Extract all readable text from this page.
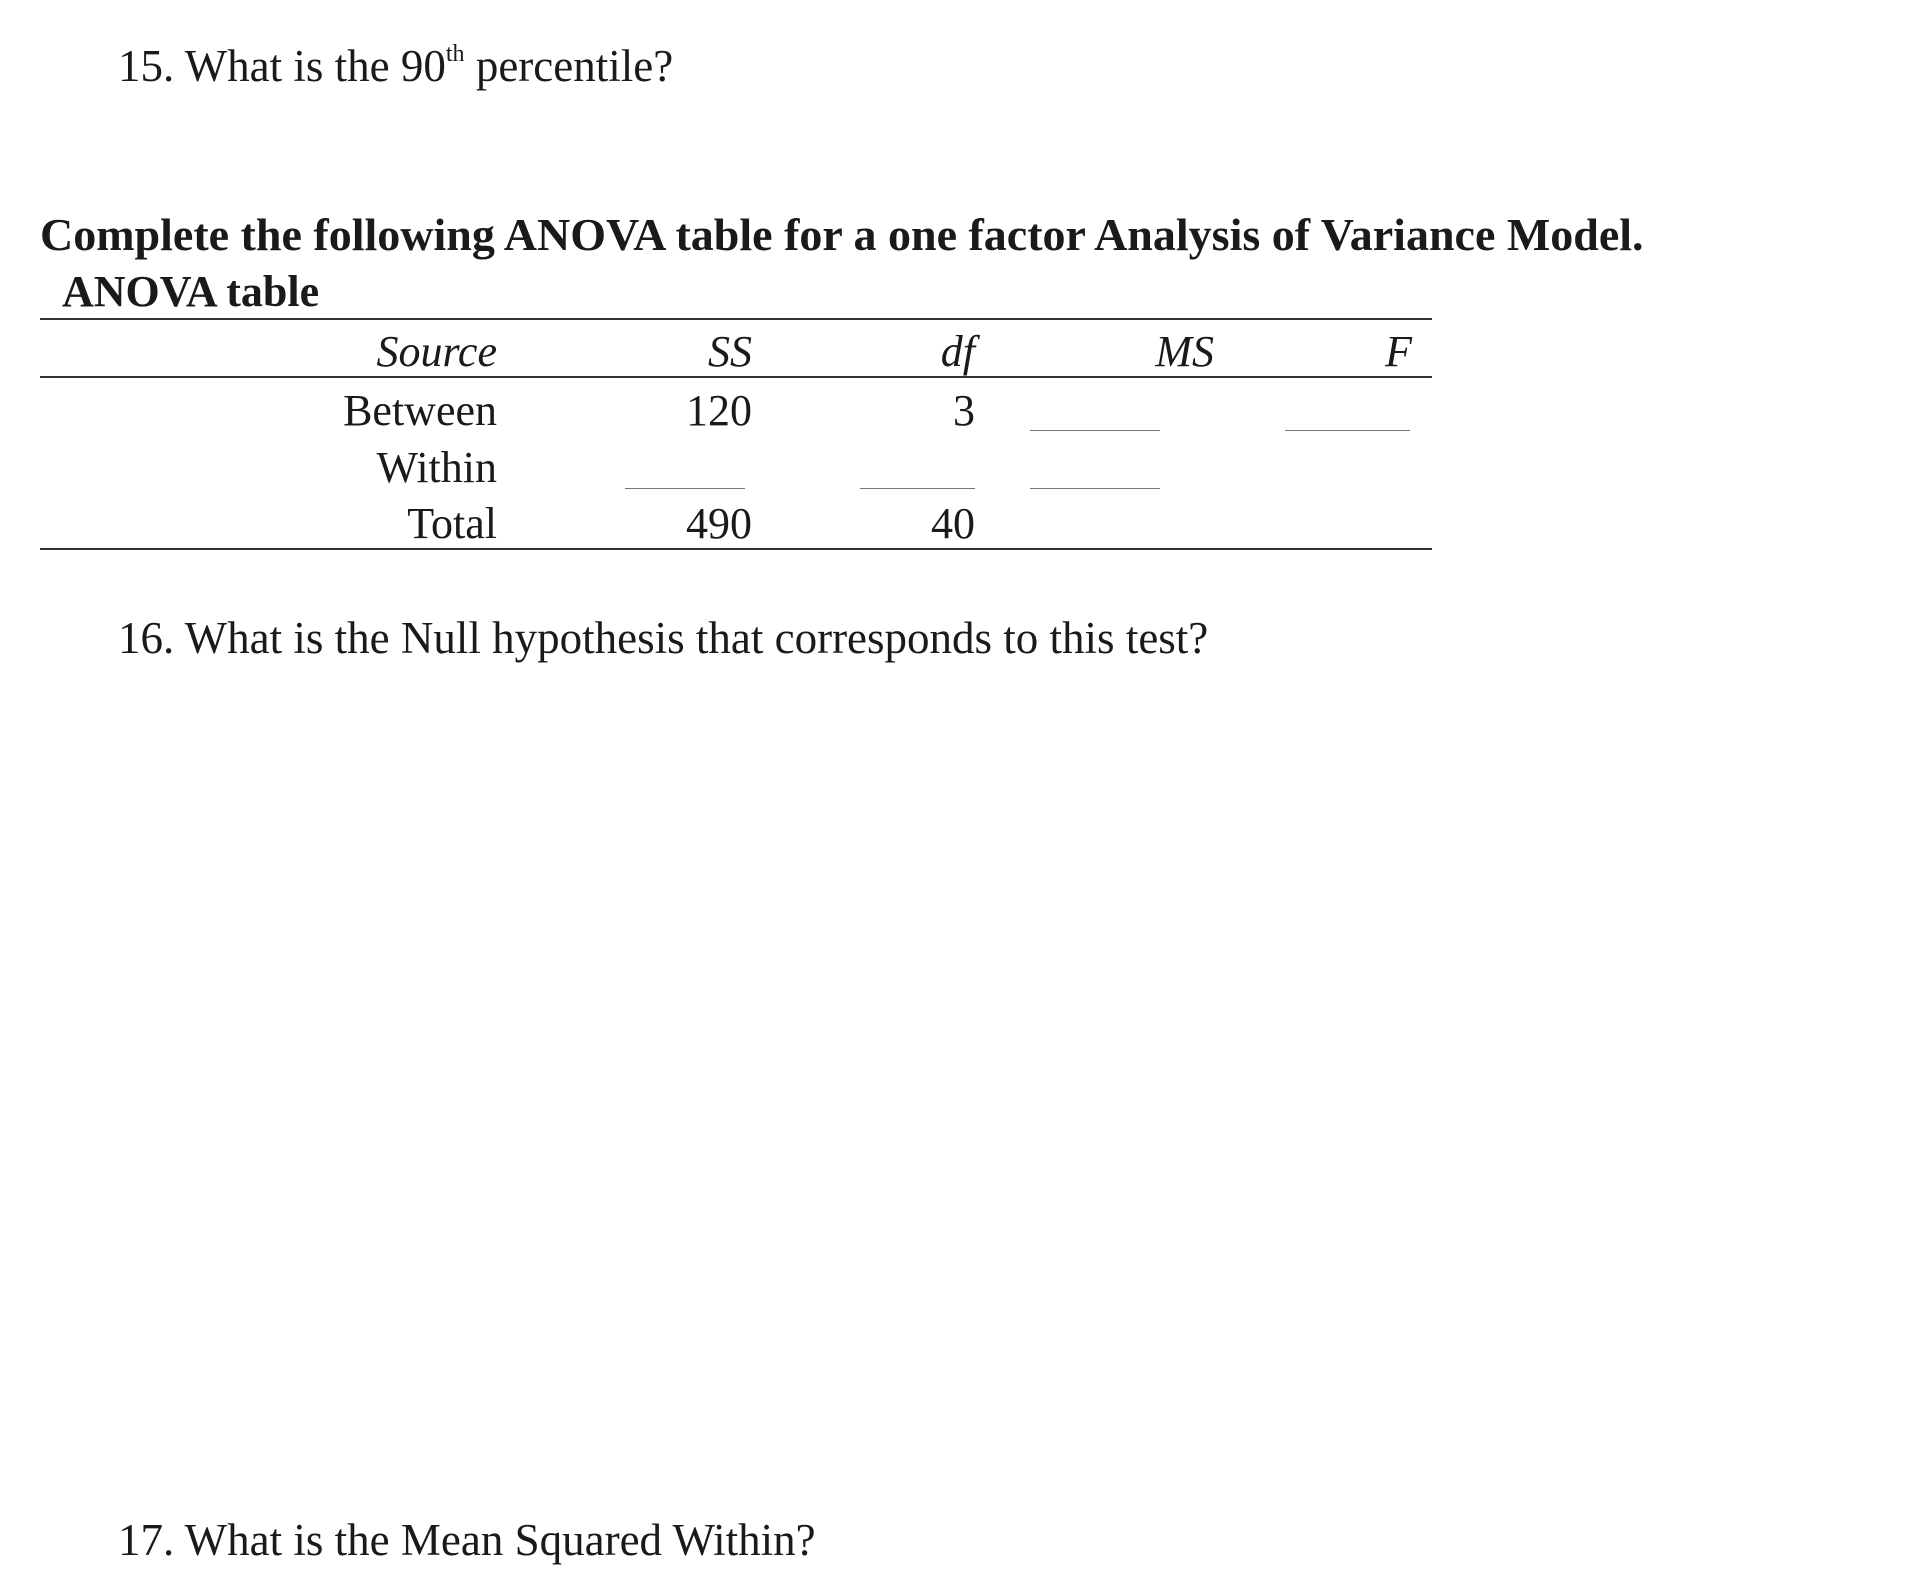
15. What is the 90th percentile?
Complete the following ANOVA table for a one factor Analysis of Variance Model.
ANOVA table
Source	SS	df	MS	F
Between	120	3
Within
Total	490	40
16. What is the Null hypothesis that corresponds to this test?
17. What is the Mean Squared Within?
